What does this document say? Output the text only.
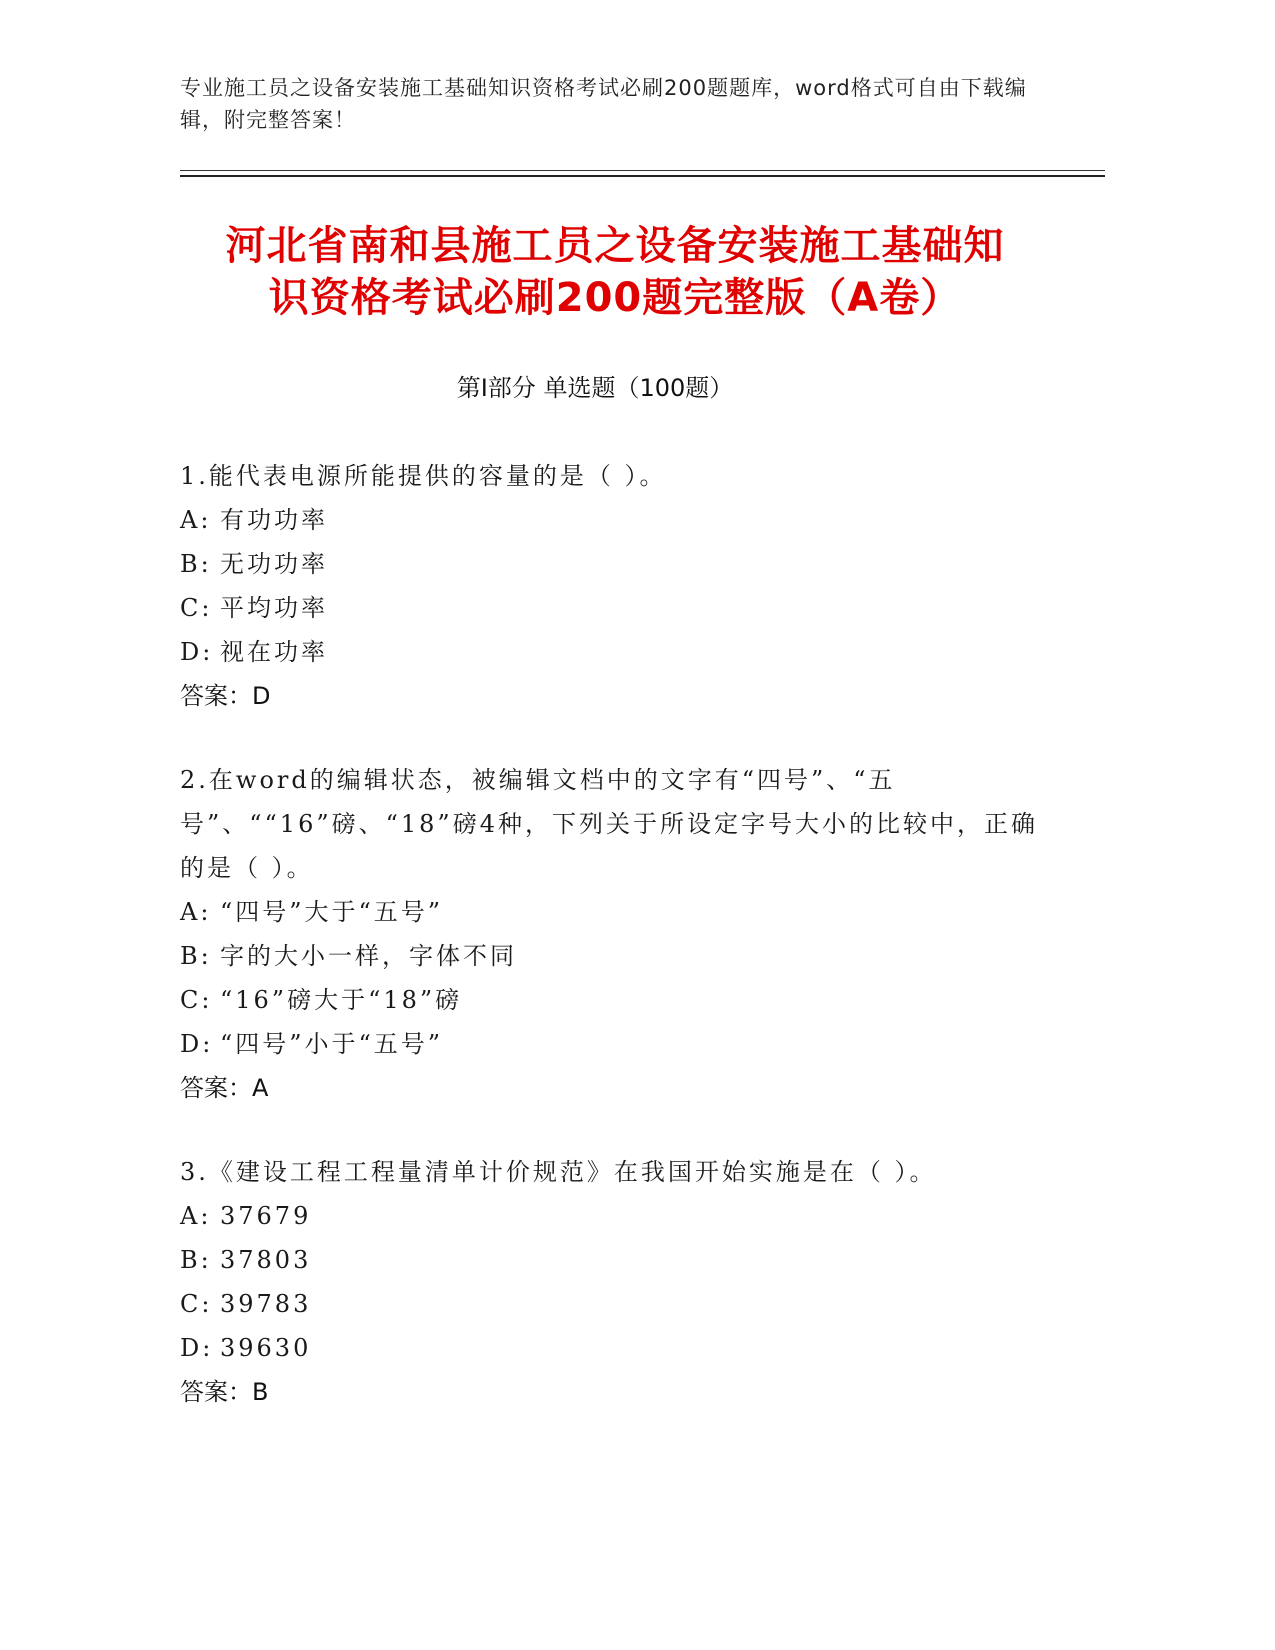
专业施工员之设备安装施工基础知识资格考试必刷200题题库，word格式可自由下载编辑，附完整答案！
河北省南和县施工员之设备安装施工基础知
识资格考试必刷200题完整版（A卷）
第I部分 单选题（100题）

1.能代表电源所能提供的容量的是（ ）。

A: 有功功率

B: 无功功率

C: 平均功率

D: 视在功率

答案：D

2.在word的编辑状态，被编辑文档中的文字有“四号”、“五号”、““16”磅、“18”磅4种，下列关于所设定字号大小的比较中，正确的是（ ）。

A: “四号”大于“五号”

B: 字的大小一样，字体不同

C: “16”磅大于“18”磅

D: “四号”小于“五号”

答案：A

3.《建设工程工程量清单计价规范》在我国开始实施是在（ ）。

A: 37679

B: 37803

C: 39783

D: 39630

答案：B
